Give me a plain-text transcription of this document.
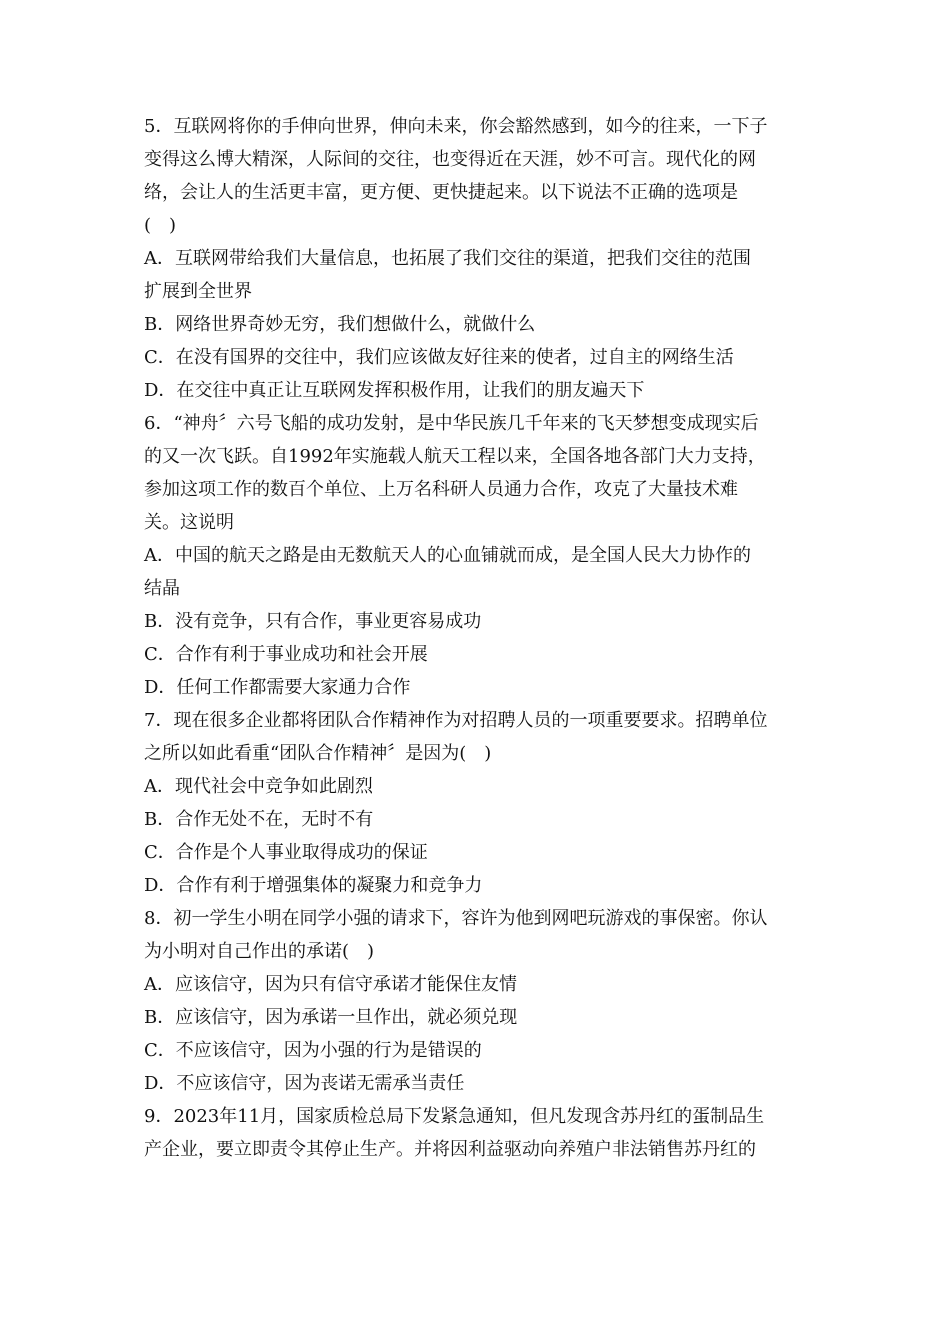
5．互联网将你的手伸向世界，伸向未来，你会豁然感到，如今的往来，一下子
变得这么博大精深，人际间的交往，也变得近在天涯，妙不可言。现代化的网
络，会让人的生活更丰富，更方便、更快捷起来。以下说法不正确的选项是
(　)
A．互联网带给我们大量信息，也拓展了我们交往的渠道，把我们交往的范围
扩展到全世界
B．网络世界奇妙无穷，我们想做什么，就做什么
C．在没有国界的交往中，我们应该做友好往来的使者，过自主的网络生活
D．在交往中真正让互联网发挥积极作用，让我们的朋友遍天下
6．“神舟〞六号飞船的成功发射，是中华民族几千年来的飞天梦想变成现实后
的又一次飞跃。自1992年实施载人航天工程以来，全国各地各部门大力支持，
参加这项工作的数百个单位、上万名科研人员通力合作，攻克了大量技术难
关。这说明
A．中国的航天之路是由无数航天人的心血铺就而成，是全国人民大力协作的
结晶
B．没有竞争，只有合作，事业更容易成功
C．合作有利于事业成功和社会开展
D．任何工作都需要大家通力合作
7．现在很多企业都将团队合作精神作为对招聘人员的一项重要要求。招聘单位
之所以如此看重“团队合作精神〞是因为(　)
A．现代社会中竞争如此剧烈
B．合作无处不在，无时不有
C．合作是个人事业取得成功的保证
D．合作有利于增强集体的凝聚力和竞争力
8．初一学生小明在同学小强的请求下，容许为他到网吧玩游戏的事保密。你认
为小明对自己作出的承诺(　)
A．应该信守，因为只有信守承诺才能保住友情
B．应该信守，因为承诺一旦作出，就必须兑现
C．不应该信守，因为小强的行为是错误的
D．不应该信守，因为丧诺无需承当责任
9．2023年11月，国家质检总局下发紧急通知，但凡发现含苏丹红的蛋制品生
产企业，要立即责令其停止生产。并将因利益驱动向养殖户非法销售苏丹红的
